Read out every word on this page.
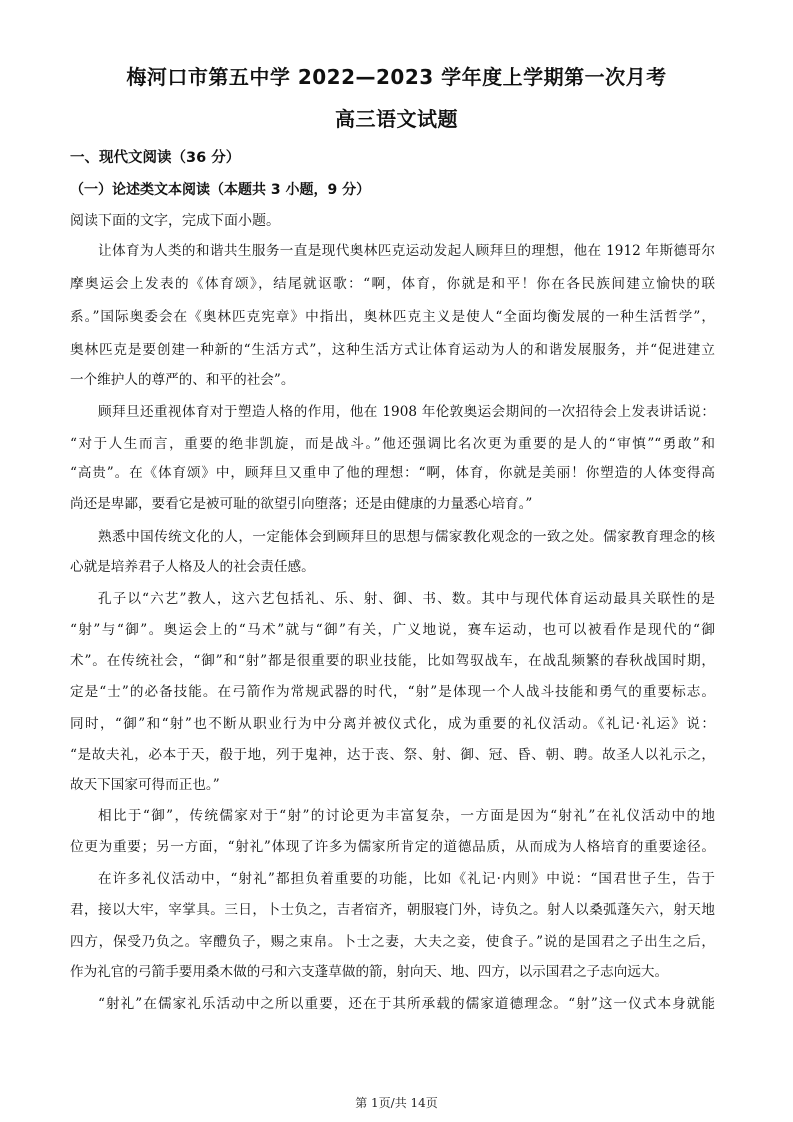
梅河口市第五中学 2022—2023 学年度上学期第一次月考
高三语文试题
一、现代文阅读（36 分）
（一）论述类文本阅读（本题共 3 小题，9 分）
阅读下面的文字，完成下面小题。
让体育为人类的和谐共生服务一直是现代奥林匹克运动发起人顾拜旦的理想，他在 1912 年斯德哥尔
摩奥运会上发表的《体育颂》，结尾就讴歌：“啊，体育，你就是和平！你在各民族间建立愉快的联
系。”国际奥委会在《奥林匹克宪章》中指出，奥林匹克主义是使人“全面均衡发展的一种生活哲学”，
奥林匹克是要创建一种新的“生活方式”，这种生活方式让体育运动为人的和谐发展服务，并“促进建立
一个维护人的尊严的、和平的社会”。
顾拜旦还重视体育对于塑造人格的作用，他在 1908 年伦敦奥运会期间的一次招待会上发表讲话说：
“对于人生而言，重要的绝非凯旋，而是战斗。”他还强调比名次更为重要的是人的“审慎”“勇敢”和
“高贵”。在《体育颂》中，顾拜旦又重申了他的理想：“啊，体育，你就是美丽！你塑造的人体变得高
尚还是卑鄙，要看它是被可耻的欲望引向堕落；还是由健康的力量悉心培育。”
熟悉中国传统文化的人，一定能体会到顾拜旦的思想与儒家教化观念的一致之处。儒家教育理念的核
心就是培养君子人格及人的社会责任感。
孔子以“六艺”教人，这六艺包括礼、乐、射、御、书、数。其中与现代体育运动最具关联性的是
“射”与“御”。奥运会上的“马术”就与“御”有关，广义地说，赛车运动，也可以被看作是现代的“御
术”。在传统社会，“御”和“射”都是很重要的职业技能，比如驾驭战车，在战乱频繁的春秋战国时期，
定是“士”的必备技能。在弓箭作为常规武器的时代，“射”是体现一个人战斗技能和勇气的重要标志。
同时，“御”和“射”也不断从职业行为中分离并被仪式化，成为重要的礼仪活动。《礼记·礼运》说：
“是故夫礼，必本于天，殽于地，列于鬼神，达于丧、祭、射、御、冠、昏、朝、聘。故圣人以礼示之，
故天下国家可得而正也。”
相比于“御”，传统儒家对于“射”的讨论更为丰富复杂，一方面是因为“射礼”在礼仪活动中的地
位更为重要；另一方面，“射礼”体现了许多为儒家所肯定的道德品质，从而成为人格培育的重要途径。
在许多礼仪活动中，“射礼”都担负着重要的功能，比如《礼记·内则》中说：“国君世子生，告于
君，接以大牢，宰掌具。三日，卜士负之，吉者宿齐，朝服寝门外，诗负之。射人以桑弧蓬矢六，射天地
四方，保受乃负之。宰醴负子，赐之束帛。卜士之妻，大夫之妾，使食子。”说的是国君之子出生之后，
作为礼官的弓箭手要用桑木做的弓和六支蓬草做的箭，射向天、地、四方，以示国君之子志向远大。
“射礼”在儒家礼乐活动中之所以重要，还在于其所承载的儒家道德理念。“射”这一仪式本身就能
第 1页/共 14页
